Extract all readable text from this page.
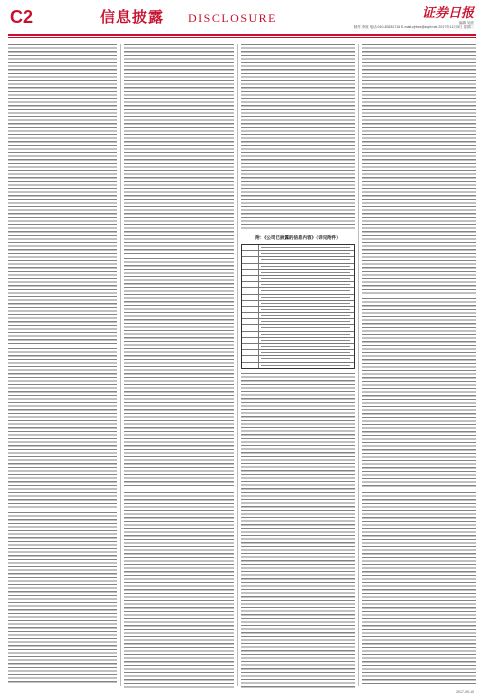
C2	信息披露 DISCLOSURE	证券日报
编辑 吴欣
制作 李波 电话:010-83251716 E-mail:zjrbzx@zqrb.net 2017年12月5日 星期二
附：《公司已披露的信息内容》（详见附件）
2017-09-10
